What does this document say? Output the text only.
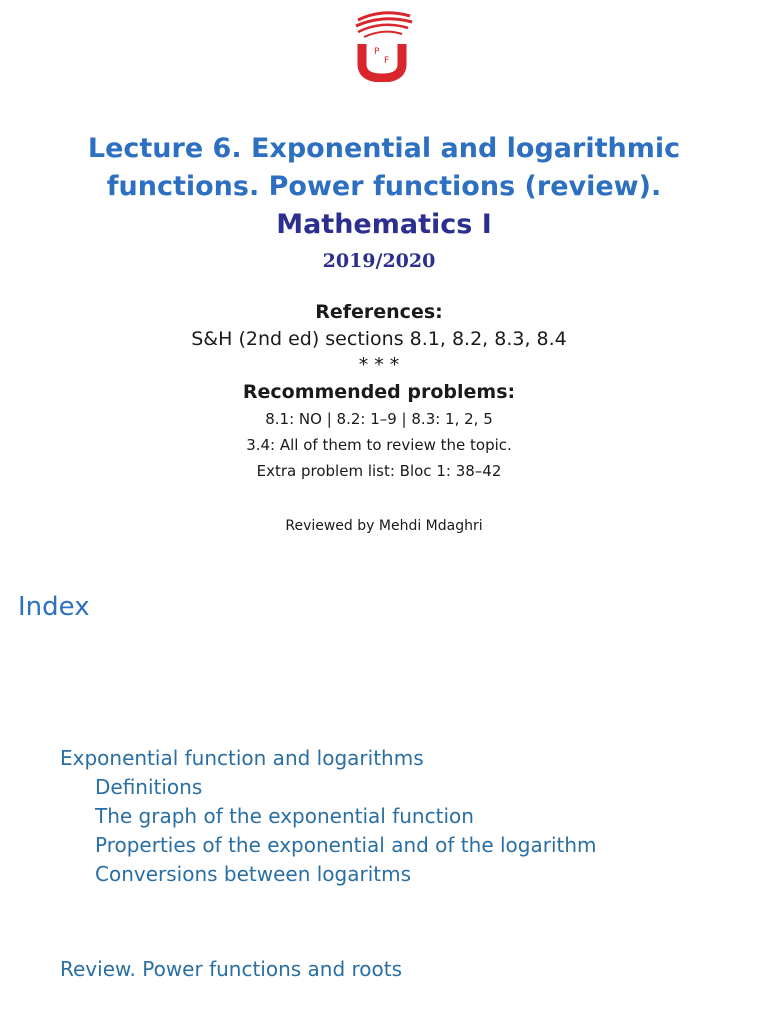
P
F
U
Lecture 6. Exponential and logarithmic
functions. Power functions (review).
Mathematics I
2019/2020
References:
S&H (2nd ed) sections 8.1, 8.2, 8.3, 8.4
* * *
Recommended problems:
8.1: NO | 8.2: 1–9 | 8.3: 1, 2, 5
3.4: All of them to review the topic.
Extra problem list: Bloc 1: 38–42
Reviewed by Mehdi Mdaghri
Index
Exponential function and logarithms
Definitions
The graph of the exponential function
Properties of the exponential and of the logarithm
Conversions between logaritms
Review. Power functions and roots
